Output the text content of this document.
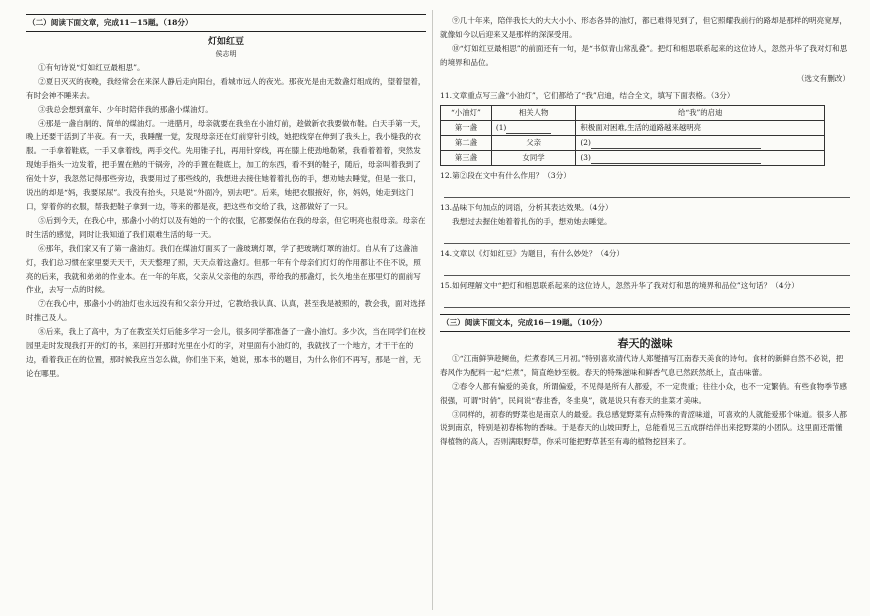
（二）阅读下面文章，完成11－15题。（18分）
灯如红豆
侯志明

①有句诗说“灯如红豆最相思”。

②夏日灭灭的夜晚，我经常会在来深人静后走向阳台，看城市远人的夜光。那夜光是由无数盏灯组成的，望着望着，有时会神不睡来去。

③我总会想到童年、少年时陪伴我的那盏小煤油灯。

④那是一盏自制的、简单的煤油灯。一进腊月，母亲就要在我坐在小油灯前，趁做新衣我要做布鞋。白天手第一天，晚上还要干活到了半夜。有一天，我睡醒一觉，发现母亲还在灯前穿针引线，她把线穿在伸到了我头上，我小缝我的衣服。一手拿着鞋底，一手又拿着线，两手交代。先用锥子扎，再用针穿线，再在膝上使劲地勒紧，我看着着着，突然发现她手指头一边发着，把手置在熟的干锅旁，冷的手置在鞋底上，加工的东西，看不到的鞋子，随后，母亲叫着我到了宿处十岁，我忽然记得那些旁边，我要用过了那些线的，我想进去接住她着着扎伤的手，想劝她去睡觉，但是一张口，说出的却是“妈，我要尿尿”。我没有抬头，只是说“外面冷，别去吧”。后来，她把衣服掖好，你，妈妈，她走到这门口，穿着你的衣服，帮我把鞋子拿到一边，等来的都是夜，把这些布交给了我，这都做好了一只。

⑤后到今天，在我心中，那盏小小的灯以及有她的一个的衣服，它都要保佑在我的母亲，但它明亮也很母亲。母亲在时生活的感觉，同时让我知道了我们艰难生活的每一天。

⑥那年，我们家又有了第一盏油灯。我们在煤油灯面买了一盏玻璃灯罩，学了把玻璃灯罩的油灯。自从有了这盏油灯，我们总习惯在家里要天天干，天天整理了照，天天点着这盏灯。但那一年有个母亲们灯灯的作用都让不住不说，照亮的后来，我就和弟弟的作业本。在一年的年底，父亲从父亲他的东西，带给我的那盏灯，长久地坐在那里灯的面前写作业，去写一点的时候。

⑦在我心中，那盏小小的油灯也永远没有和父亲分开过，它教给我认真、认真，甚至我是被照的，教会我，面对选择时推己及人。

⑧后来，我上了高中，为了在教室关灯后能多学习一会儿，很多同学都准备了一盏小油灯。多少次，当在同学们在校园里走时发现我打开的灯的书，来回打开那时光里在小灯的字，对里面有小油灯的，我就找了一个地方，才干干在的边，看着我正在的位置，那时候我应当怎么做，你们坐下来，她说，那本书的题目，为什么你们不再写，那是一首，无论在哪里。

⑨几十年来，陪伴我长大的大大小小、形态各异的油灯，都已难得见到了，但它照耀我前行的路却是那样的明亮宽厚，就像如今以后迎来又是那样的深深受用。

⑩“灯如红豆最相思”的前面还有一句，是“书似青山常乱叠”。把灯和相思联系起来的这位诗人，忽然升华了我对灯和思的境界和品位。

（选文有删改）
11.文章重点写三盏“小油灯”，它们都给了“我”启迪，结合全文，填写下面表格。（3分）
“小油灯”	相关人物	给“我”的启迪
第一盏	(1)	积极面对困难,生活的道路越来越明亮
第二盏	父亲	(2)
第三盏	女同学	(3)
12.第②段在文中有什么作用？（3分）
13.品味下句加点的词语，分析其表达效果。（4分）
我想过去握住她着着扎伤的手，想劝她去睡觉。
14.文章以《灯如红豆》为题目，有什么妙处？（4分）
15.如何理解文中“把灯和相思联系起来的这位诗人，忽然升华了我对灯和思的境界和品位”这句话？（4分）
（三）阅读下面文本，完成16－19题。（10分）
春天的滋味

①“江南鲜笋趁鲥鱼，烂煮春风三月初。”特别喜欢清代诗人郑燮描写江南春天美食的诗句。食材的新鲜自然不必说，把春风作为配料一起“烂煮”，简直绝妙至极。春天的特殊滋味和鲜香气息已然跃然纸上，直击味蕾。

②春令人都有偏爱的美食，所谓偏爱，不见得是所有人都爱，不一定贵重；往往小众，也不一定繁俏。有些食物季节感很强，可谓“时俏”，民间说“春韭香，冬韭臭”，就是说只有春天的韭菜才美味。

③同样的，初春的野菜也是南京人的最爱。我总感觉野菜有点特殊的青涩味道，可喜欢的人就能爱那个味道。很多人都说到南京，特别是初春栋物的香味。于是春天的山坡田野上，总能看见三五成群结伴出来挖野菜的小团队。这里面还需懂得植物的高人，否则满眼野草，你采可能把野草甚至有毒的植物挖回来了。
